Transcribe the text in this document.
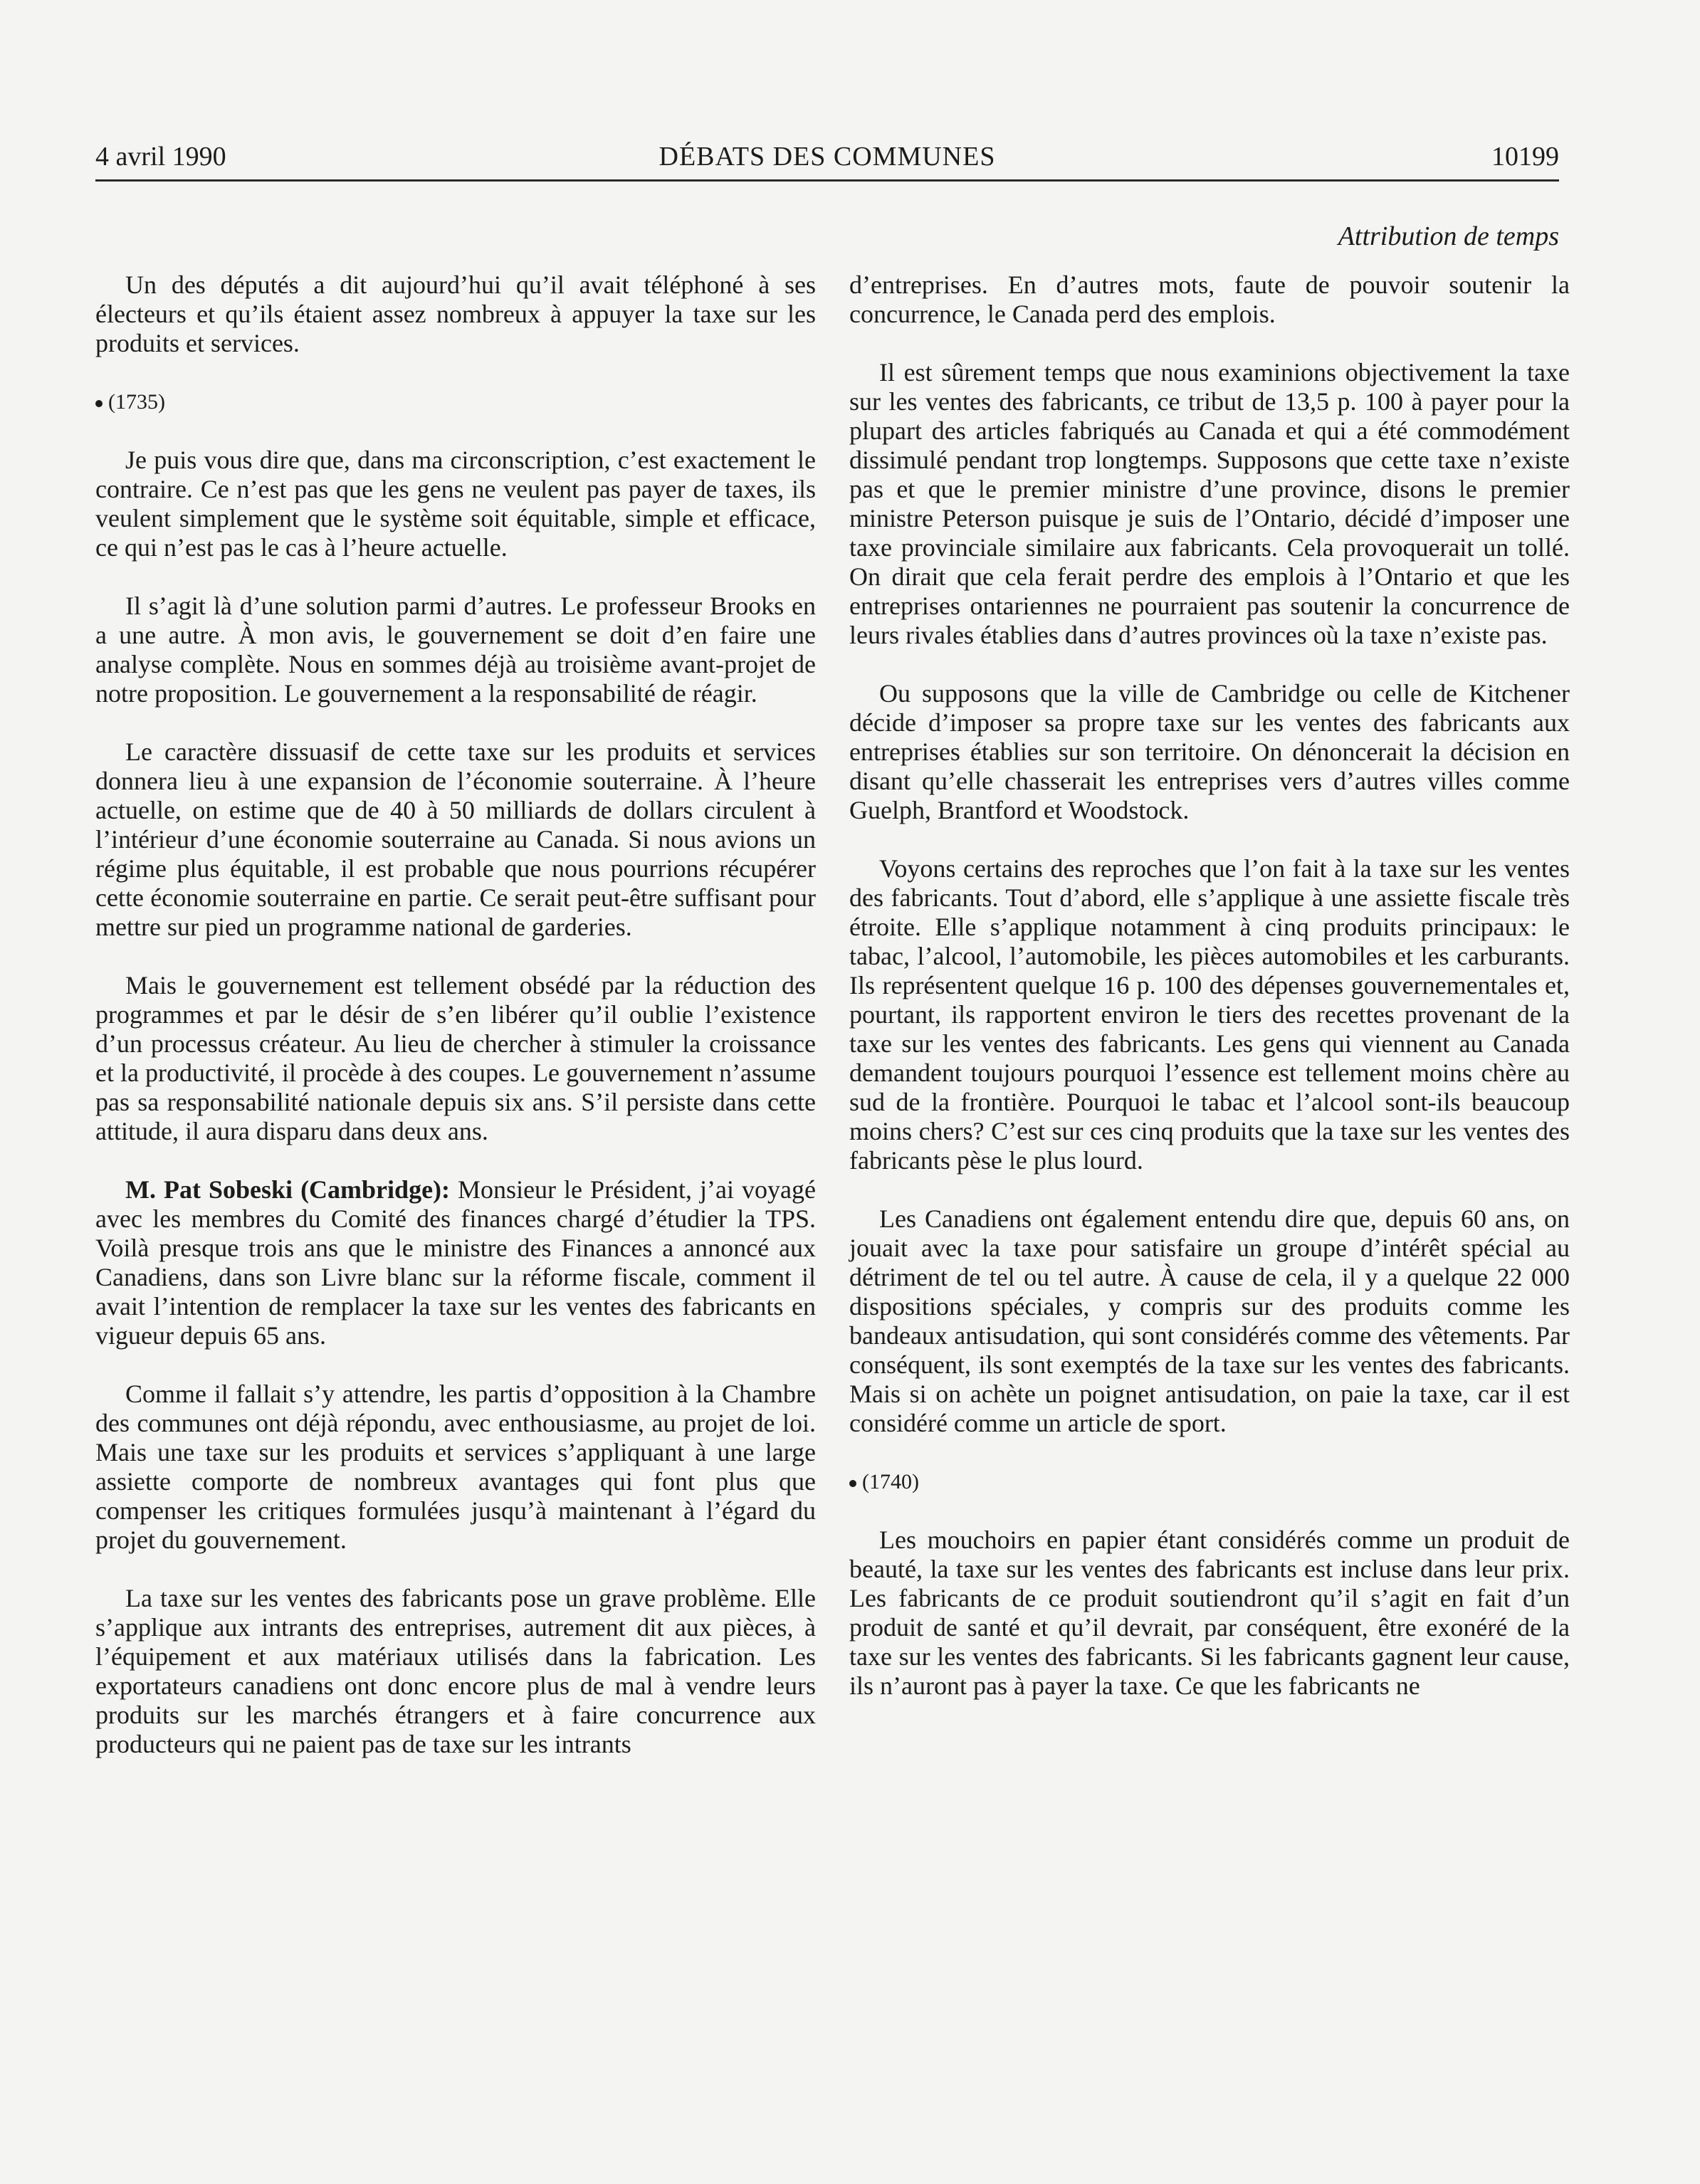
DÉBATS DES COMMUNES
4 avril 1990	10199
Attribution de temps

Un des députés a dit aujourd’hui qu’il avait téléphoné à ses électeurs et qu’ils étaient assez nombreux à appuyer la taxe sur les produits et services.

(1735)

Je puis vous dire que, dans ma circonscription, c’est exactement le contraire. Ce n’est pas que les gens ne veulent pas payer de taxes, ils veulent simplement que le système soit équitable, simple et efficace, ce qui n’est pas le cas à l’heure actuelle.

Il s’agit là d’une solution parmi d’autres. Le professeur Brooks en a une autre. À mon avis, le gouvernement se doit d’en faire une analyse complète. Nous en sommes déjà au troisième avant-projet de notre proposition. Le gouvernement a la responsabilité de réagir.

Le caractère dissuasif de cette taxe sur les produits et services donnera lieu à une expansion de l’économie souterraine. À l’heure actuelle, on estime que de 40 à 50 milliards de dollars circulent à l’intérieur d’une économie souterraine au Canada. Si nous avions un régime plus équitable, il est probable que nous pourrions récupérer cette économie souterraine en partie. Ce serait peut-être suffisant pour mettre sur pied un programme national de garderies.

Mais le gouvernement est tellement obsédé par la réduction des programmes et par le désir de s’en libérer qu’il oublie l’existence d’un processus créateur. Au lieu de chercher à stimuler la croissance et la productivité, il procède à des coupes. Le gouvernement n’assume pas sa responsabilité nationale depuis six ans. S’il persiste dans cette attitude, il aura disparu dans deux ans.

M. Pat Sobeski (Cambridge): Monsieur le Président, j’ai voyagé avec les membres du Comité des finances chargé d’étudier la TPS. Voilà presque trois ans que le ministre des Finances a annoncé aux Canadiens, dans son Livre blanc sur la réforme fiscale, comment il avait l’intention de remplacer la taxe sur les ventes des fabricants en vigueur depuis 65 ans.

Comme il fallait s’y attendre, les partis d’opposition à la Chambre des communes ont déjà répondu, avec enthousiasme, au projet de loi. Mais une taxe sur les produits et services s’appliquant à une large assiette comporte de nombreux avantages qui font plus que compenser les critiques formulées jusqu’à maintenant à l’égard du projet du gouvernement.

La taxe sur les ventes des fabricants pose un grave problème. Elle s’applique aux intrants des entreprises, autrement dit aux pièces, à l’équipement et aux matériaux utilisés dans la fabrication. Les exportateurs canadiens ont donc encore plus de mal à vendre leurs produits sur les marchés étrangers et à faire concurrence aux producteurs qui ne paient pas de taxe sur les intrants

d’entreprises. En d’autres mots, faute de pouvoir soutenir la concurrence, le Canada perd des emplois.

Il est sûrement temps que nous examinions objectivement la taxe sur les ventes des fabricants, ce tribut de 13,5 p. 100 à payer pour la plupart des articles fabriqués au Canada et qui a été commodément dissimulé pendant trop longtemps. Supposons que cette taxe n’existe pas et que le premier ministre d’une province, disons le premier ministre Peterson puisque je suis de l’Ontario, décidé d’imposer une taxe provinciale similaire aux fabricants. Cela provoquerait un tollé. On dirait que cela ferait perdre des emplois à l’Ontario et que les entreprises ontariennes ne pourraient pas soutenir la concurrence de leurs rivales établies dans d’autres provinces où la taxe n’existe pas.

Ou supposons que la ville de Cambridge ou celle de Kitchener décide d’imposer sa propre taxe sur les ventes des fabricants aux entreprises établies sur son territoire. On dénoncerait la décision en disant qu’elle chasserait les entreprises vers d’autres villes comme Guelph, Brantford et Woodstock.

Voyons certains des reproches que l’on fait à la taxe sur les ventes des fabricants. Tout d’abord, elle s’applique à une assiette fiscale très étroite. Elle s’applique notamment à cinq produits principaux: le tabac, l’alcool, l’automobile, les pièces automobiles et les carburants. Ils représentent quelque 16 p. 100 des dépenses gouvernementales et, pourtant, ils rapportent environ le tiers des recettes provenant de la taxe sur les ventes des fabricants. Les gens qui viennent au Canada demandent toujours pourquoi l’essence est tellement moins chère au sud de la frontière. Pourquoi le tabac et l’alcool sont-ils beaucoup moins chers? C’est sur ces cinq produits que la taxe sur les ventes des fabricants pèse le plus lourd.

Les Canadiens ont également entendu dire que, depuis 60 ans, on jouait avec la taxe pour satisfaire un groupe d’intérêt spécial au détriment de tel ou tel autre. À cause de cela, il y a quelque 22 000 dispositions spéciales, y compris sur des produits comme les bandeaux antisudation, qui sont considérés comme des vêtements. Par conséquent, ils sont exemptés de la taxe sur les ventes des fabricants. Mais si on achète un poignet antisudation, on paie la taxe, car il est considéré comme un article de sport.

(1740)

Les mouchoirs en papier étant considérés comme un produit de beauté, la taxe sur les ventes des fabricants est incluse dans leur prix. Les fabricants de ce produit soutiendront qu’il s’agit en fait d’un produit de santé et qu’il devrait, par conséquent, être exonéré de la taxe sur les ventes des fabricants. Si les fabricants gagnent leur cause, ils n’auront pas à payer la taxe. Ce que les fabricants ne
